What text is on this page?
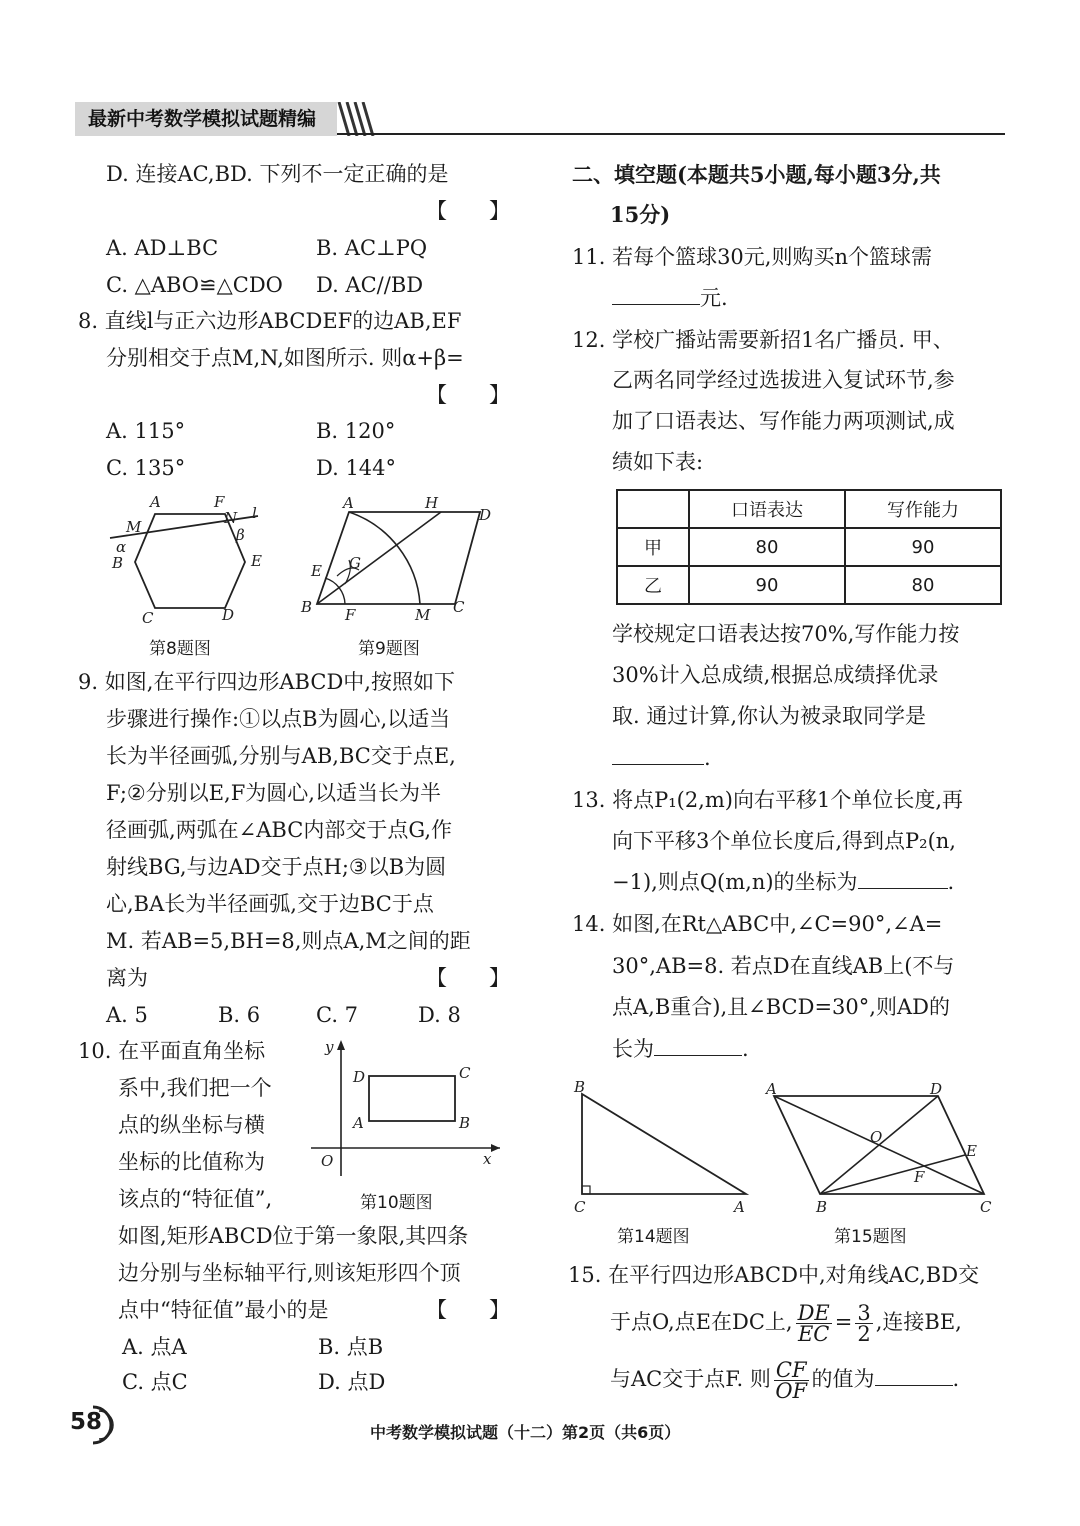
最新中考数学模拟试题精编
D. 连接AC,BD. 下列不一定正确的是
【　　】
A. AD⊥BC	B. AC⊥PQ
C. △ABO≌△CDO D. AC//BD
8. 直线l与正六边形ABCDEF的边AB,EF
分别相交于点M,N,如图所示. 则α+β=
【　　】
A. 115°	B. 120°
C. 135°	D. 144°
A	F
M	N l
α
β
B	E
C	D
第8题图
A	H
D
G
E
B F	M C
第9题图
9. 如图,在平行四边形ABCD中,按照如下
步骤进行操作:①以点B为圆心,以适当
长为半径画弧,分别与AB,BC交于点E,
F;②分别以E,F为圆心,以适当长为半
径画弧,两弧在∠ABC内部交于点G,作
射线BG,与边AD交于点H;③以B为圆
心,BA长为半径画弧,交于边BC于点
M. 若AB=5,BH=8,则点A,M之间的距
离为	【　　】
A. 5	B. 6	C. 7	D. 8
10. 在平面直角坐标
系中,我们把一个
点的纵坐标与横
坐标的比值称为
该点的“特征值”,
如图,矩形ABCD位于第一象限,其四条
边分别与坐标轴平行,则该矩形四个顶
点中“特征值”最小的是	【　　】
A. 点A	B. 点B
C. 点C	D. 点D
y
D	C
A	B
O	x
第10题图
二、填空题(本题共5小题,每小题3分,共
15分)
11. 若每个篮球30元,则购买n个篮球需
元.
12. 学校广播站需要新招1名广播员. 甲、
乙两名同学经过选拔进入复试环节,参
加了口语表达、写作能力两项测试,成
绩如下表:
	口语表达	写作能力
甲	80	90
乙	90	80
学校规定口语表达按70%,写作能力按
30%计入总成绩,根据总成绩择优录
取. 通过计算,你认为被录取同学是
.
13. 将点P₁(2,m)向右平移1个单位长度,再
向下平移3个单位长度后,得到点P₂(n,
−1),则点Q(m,n)的坐标为	.
14. 如图,在Rt△ABC中,∠C=90°,∠A=
30°,AB=8. 若点D在直线AB上(不与
点A,B重合),且∠BCD=30°,则AD的
长为	.
B
C	A
第14题图
A	D
O
E
F
B	C
第15题图
15. 在平行四边形ABCD中,对角线AC,BD交
于点O,点E在DC上, $\frac{DE}{EC} = \frac{3}{2}$ ,连接BE,
与AC交于点F. 则 $\frac{CF}{OF}$ 的值为	.
58	中考数学模拟试题（十二）第2页（共6页）
